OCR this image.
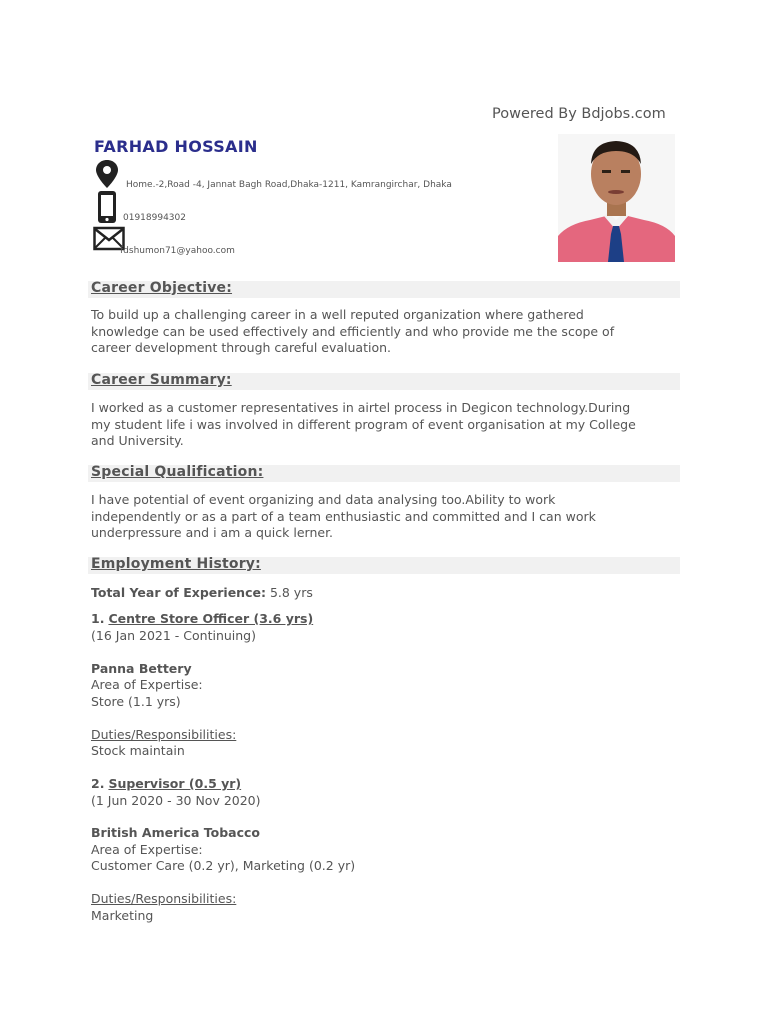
Powered By Bdjobs.com
FARHAD HOSSAIN
Home.-2,Road -4, Jannat Bagh Road,Dhaka-1211, Kamrangirchar, Dhaka
01918994302
fdshumon71@yahoo.com
Career Objective:
To build up a challenging career in a well reputed organization where gathered
knowledge can be used effectively and efficiently and who provide me the scope of
career development through careful evaluation.
Career Summary:
I worked as a customer representatives in airtel process in Degicon technology.During
my student life i was involved in different program of event organisation at my College
and University.
Special Qualification:
I have potential of event organizing and data analysing too.Ability to work
independently or as a part of a team enthusiastic and committed and I can work
underpressure and i am a quick lerner.
Employment History:
Total Year of Experience: 5.8 yrs
1. Centre Store Officer (3.6 yrs)
(16 Jan 2021 - Continuing)
Panna Bettery
Area of Expertise:
Store (1.1 yrs)
Duties/Responsibilities:
Stock maintain
2. Supervisor (0.5 yr)
(1 Jun 2020 - 30 Nov 2020)
British America Tobacco
Area of Expertise:
Customer Care (0.2 yr), Marketing (0.2 yr)
Duties/Responsibilities:
Marketing
